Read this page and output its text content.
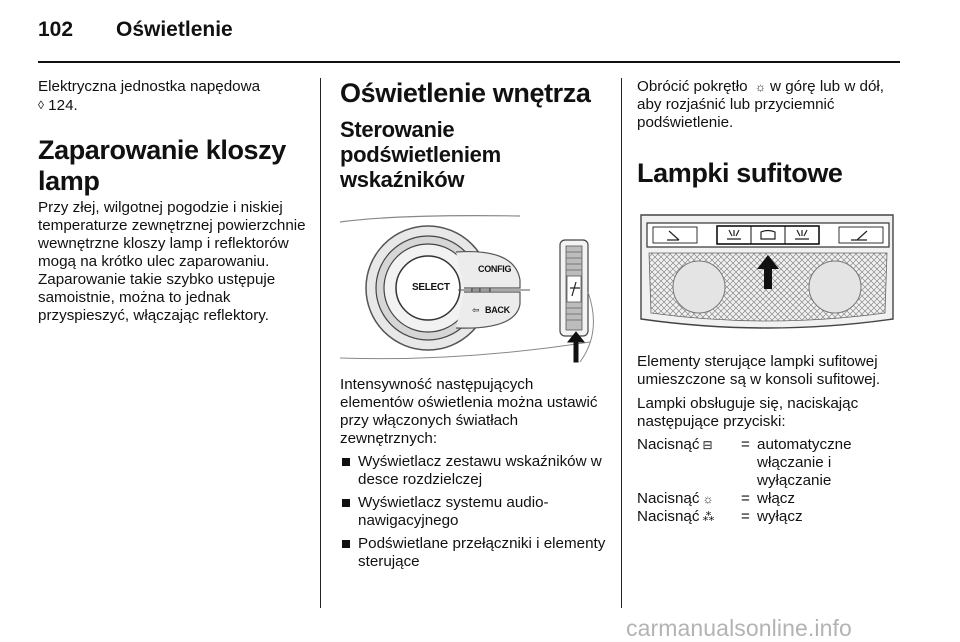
102	Oświetlenie
Elektryczna jednostka napędowa
◊ 124.
Zaparowanie kloszy lamp
Przy złej, wilgotnej pogodzie i niskiej temperaturze zewnętrznej powierzchnie wewnętrzne kloszy lamp i reflektorów mogą na krótko ulec zaparowaniu. Zaparowanie takie szybko ustępuje samoistnie, można to jednak przyspieszyć, włączając reflektory.
Oświetlenie wnętrza
Sterowanie podświetleniem wskaźników
SELECT
CONFIG
⇦ BACK
Intensywność następujących elementów oświetlenia można ustawić przy włączonych światłach zewnętrznych:
Wyświetlacz zestawu wskaźników w desce rozdzielczej
Wyświetlacz systemu audio-nawigacyjnego
Podświetlane przełączniki i elementy sterujące
Obrócić pokrętło ☼ w górę lub w dół, aby rozjaśnić lub przyciemnić podświetlenie.
Lampki sufitowe
Elementy sterujące lampki sufitowej umieszczone są w konsoli sufitowej.
Lampki obsługuje się, naciskając następujące przyciski:
Nacisnąć ⊟	=	automatyczne włączanie i wyłączanie
Nacisnąć ☼	=	włącz
Nacisnąć ⁂	=	wyłącz
carmanualsonline.info
